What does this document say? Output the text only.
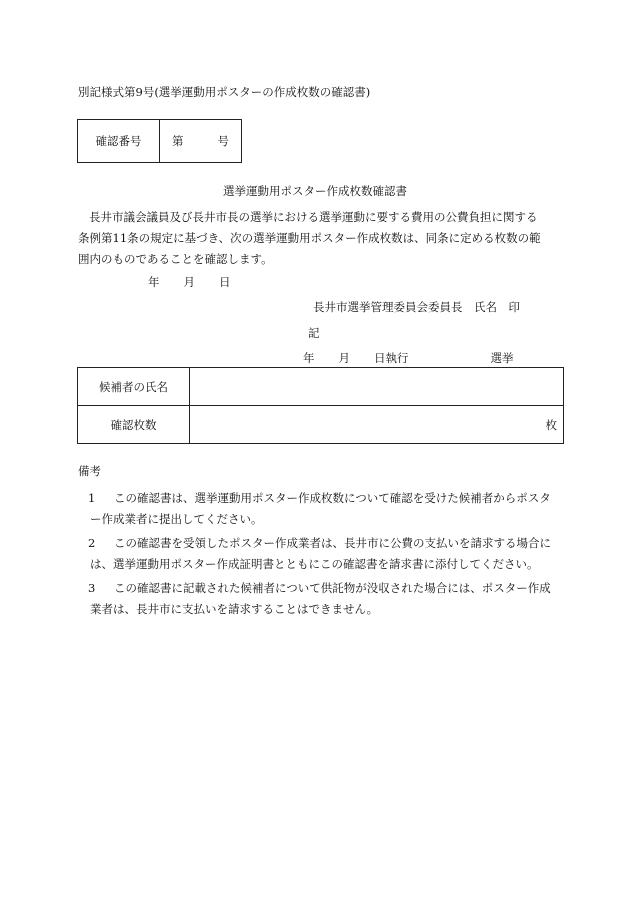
別記様式第9号(選挙運動用ポスターの作成枚数の確認書)
確認番号	第	号
選挙運動用ポスター作成枚数確認書
長井市議会議員及び長井市長の選挙における選挙運動に要する費用の公費負担に関する
条例第11条の規定に基づき、次の選挙運動用ポスター作成枚数は、同条に定める枚数の範
囲内のものであることを確認します。
年 月 日
長井市選挙管理委員会委員長　氏名　印
記
年 月 日執行	選挙
候補者の氏名	
確認枚数	枚
備考
1 この確認書は、選挙運動用ポスター作成枚数について確認を受けた候補者からポスタ
ー作成業者に提出してください。
2 この確認書を受領したポスター作成業者は、長井市に公費の支払いを請求する場合に
は、選挙運動用ポスター作成証明書とともにこの確認書を請求書に添付してください。
3 この確認書に記載された候補者について供託物が没収された場合には、ポスター作成
業者は、長井市に支払いを請求することはできません。
